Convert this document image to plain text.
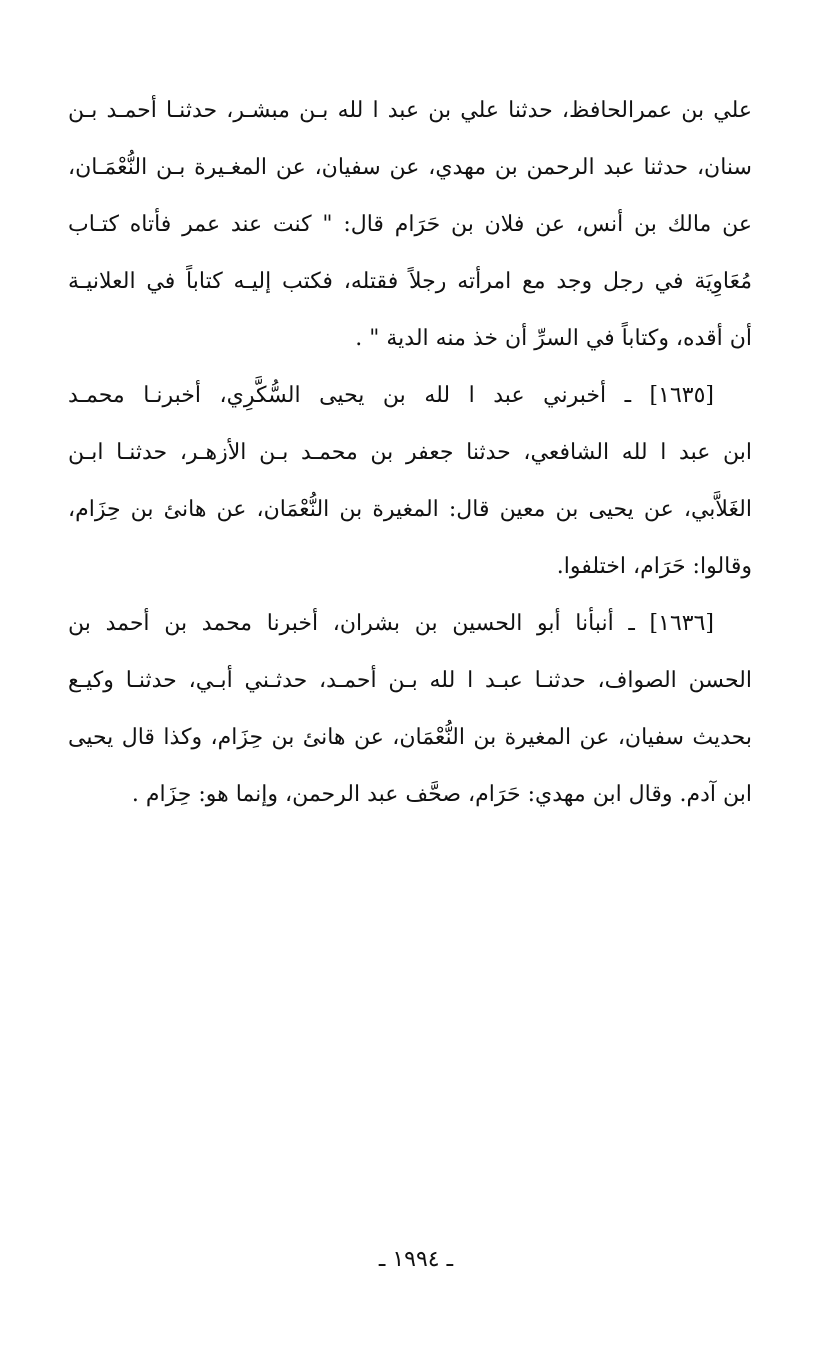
علي بن عمرالحافظ، حدثنا علي بن عبد ا لله بـن مبشـر، حدثنـا أحمـد بـن
سنان، حدثنا عبد الرحمن بن مهدي، عن سفيان، عن المغـيرة بـن النُّعْمَـان،
عن مالك بن أنس، عن فلان بن حَرَام قال: " كنت عند عمر فأتاه كتـاب
مُعَاوِيَة في رجل وجد مع امرأته رجلاً فقتله، فكتب إليـه كتاباً في العلانيـة
أن أقده، وكتاباً في السرِّ أن خذ منه الدية " .
[١٦٣٥] ـ أخبرني عبد ا لله بن يحيى السُّكَّرِي، أخبرنـا محمـد
ابن عبد ا لله الشافعي، حدثنا جعفر بن محمـد بـن الأزهـر، حدثنـا ابـن
الغَلاَّبي، عن يحيى بن معين قال: المغيرة بن النُّعْمَان، عن هانئ بن حِزَام،
وقالوا: حَرَام، اختلفوا.
[١٦٣٦] ـ أنبأنا أبو الحسين بن بشران، أخبرنا محمد بن أحمد بن
الحسن الصواف، حدثنـا عبـد ا لله بـن أحمـد، حدثـني أبـي، حدثنـا وكيـع
بحديث سفيان، عن المغيرة بن النُّعْمَان، عن هانئ بن حِزَام، وكذا قال يحيى
ابن آدم. وقال ابن مهدي: حَرَام، صحَّف عبد الرحمن، وإنما هو: حِزَام .
ـ ١٩٩٤ ـ
